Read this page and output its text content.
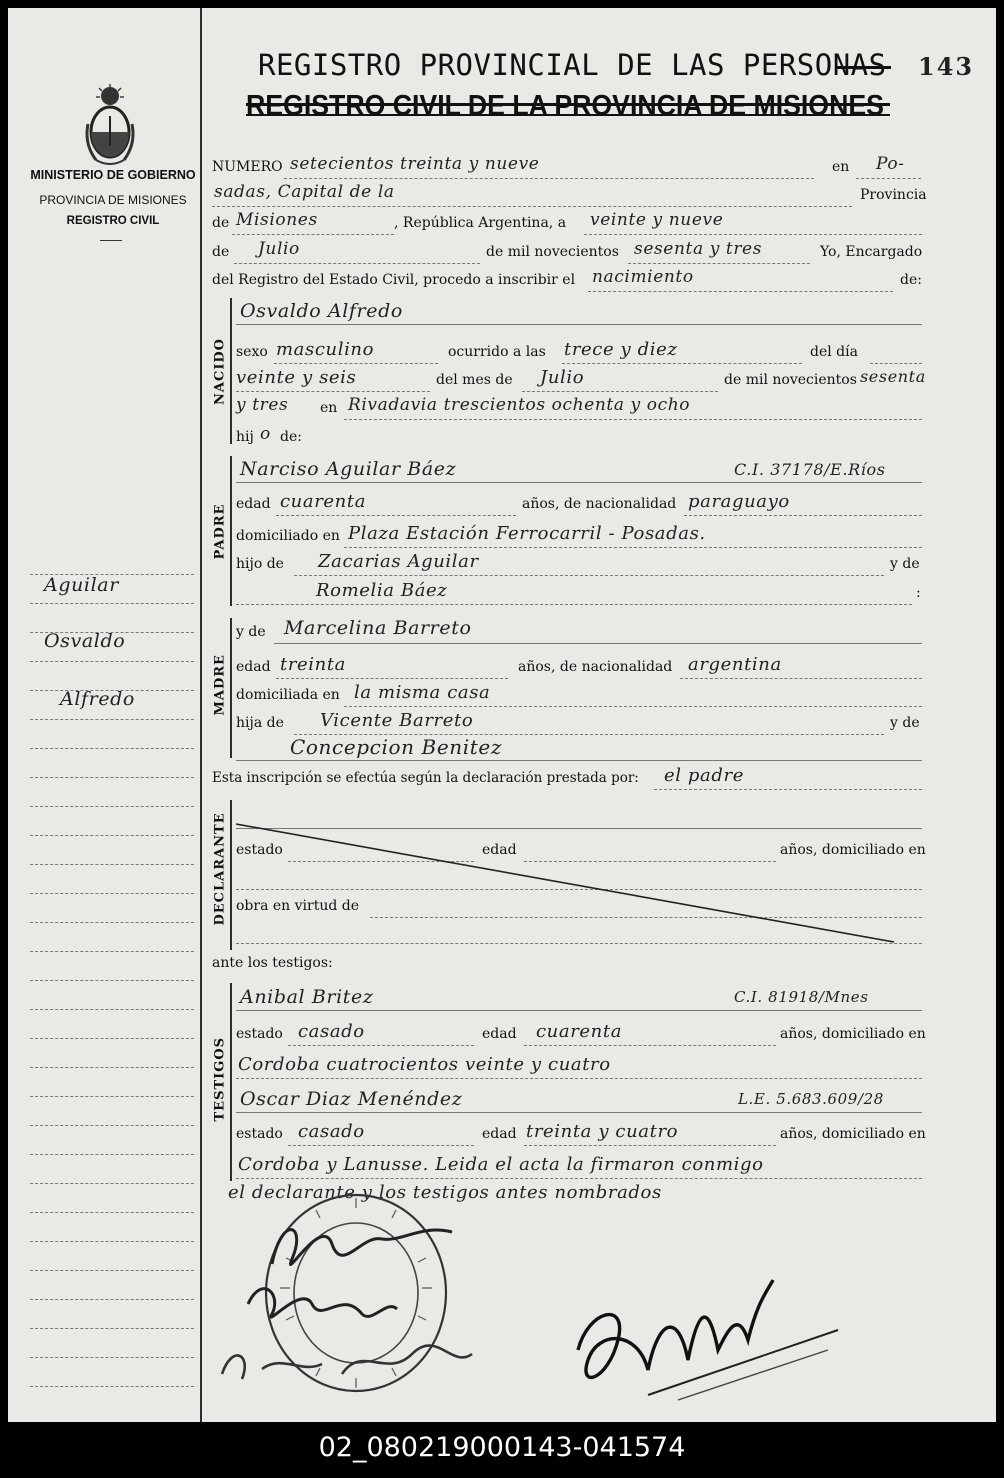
MINISTERIO DE GOBIERNO
PROVINCIA DE MISIONES
REGISTRO CIVIL
Aguilar
Osvaldo
Alfredo
REGISTRO PROVINCIAL DE LAS PERSONAS 143
REGISTRO CIVIL DE LA PROVINCIA DE MISIONES
NUMERO setecientos treinta y nueve	en Po-
sadas, Capital de la	Provincia
de Misiones	, República Argentina, a veinte y nueve
de Julio	de mil novecientos sesenta y tres	Yo, Encargado
del Registro del Estado Civil, procedo a inscribir el nacimiento	de:
NACIDO
Osvaldo Alfredo
sexo masculino	ocurrido a las trece y diez	del día
veinte y seis	del mes de Julio	de mil novecientos sesenta
y tres en Rivadavia trescientos ochenta y ocho
hij o de:
PADRE
Narciso Aguilar Báez	C.I. 37178/E.Ríos
edad cuarenta	años, de nacionalidad paraguayo
domiciliado en Plaza Estación Ferrocarril - Posadas.
hijo de Zacarias Aguilar	y de
Romelia Báez	:
MADRE
y de Marcelina Barreto
edad treinta	años, de nacionalidad argentina
domiciliada en la misma casa
hija de Vicente Barreto	y de
Concepcion Benitez
Esta inscripción se efectúa según la declaración prestada por: el padre
DECLARANTE estado	edad	años, domiciliado en
obra en virtud de
ante los testigos:
TESTIGOS
Anibal Britez	C.I. 81918/Mnes
estado casado	edad cuarenta	años, domiciliado en
Cordoba cuatrocientos veinte y cuatro
Oscar Diaz Menéndez	L.E. 5.683.609/28
estado casado	edad treinta y cuatro	años, domiciliado en
Cordoba y Lanusse. Leida el acta la firmaron conmigo
el declarante y los testigos antes nombrados
02_080219000143-041574
